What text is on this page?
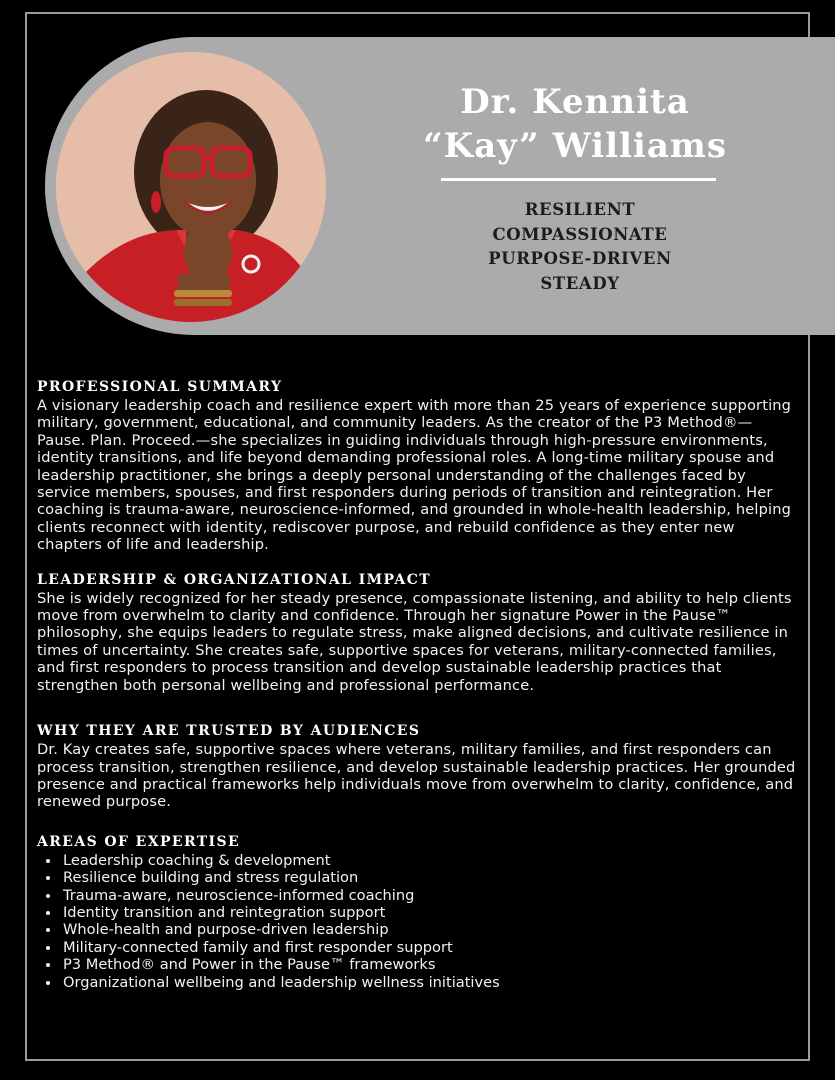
Dr. Kennita
“Kay” Williams
RESILIENT
COMPASSIONATE
PURPOSE-DRIVEN
STEADY
PROFESSIONAL SUMMARY

A visionary leadership coach and resilience expert with more than 25 years of experience supporting military, government, educational, and community leaders. As the creator of the P3 Method®—Pause. Plan. Proceed.—she specializes in guiding individuals through high-pressure environments, identity transitions, and life beyond demanding professional roles. A long-time military spouse and leadership practitioner, she brings a deeply personal understanding of the challenges faced by service members, spouses, and first responders during periods of transition and reintegration. Her coaching is trauma-aware, neuroscience-informed, and grounded in whole-health leadership, helping clients reconnect with identity, rediscover purpose, and rebuild confidence as they enter new chapters of life and leadership.

LEADERSHIP & ORGANIZATIONAL IMPACT

She is widely recognized for her steady presence, compassionate listening, and ability to help clients move from overwhelm to clarity and confidence. Through her signature Power in the Pause™ philosophy, she equips leaders to regulate stress, make aligned decisions, and cultivate resilience in times of uncertainty. She creates safe, supportive spaces for veterans, military-connected families, and first responders to process transition and develop sustainable leadership practices that strengthen both personal wellbeing and professional performance.

WHY THEY ARE TRUSTED BY AUDIENCES

Dr. Kay creates safe, supportive spaces where veterans, military families, and first responders can process transition, strengthen resilience, and develop sustainable leadership practices. Her grounded presence and practical frameworks help individuals move from overwhelm to clarity, confidence, and renewed purpose.

AREAS OF EXPERTISE
• Leadership coaching & development
• Resilience building and stress regulation
• Trauma-aware, neuroscience-informed coaching
• Identity transition and reintegration support
• Whole-health and purpose-driven leadership
• Military-connected family and first responder support
• P3 Method® and Power in the Pause™ frameworks
• Organizational wellbeing and leadership wellness initiatives
